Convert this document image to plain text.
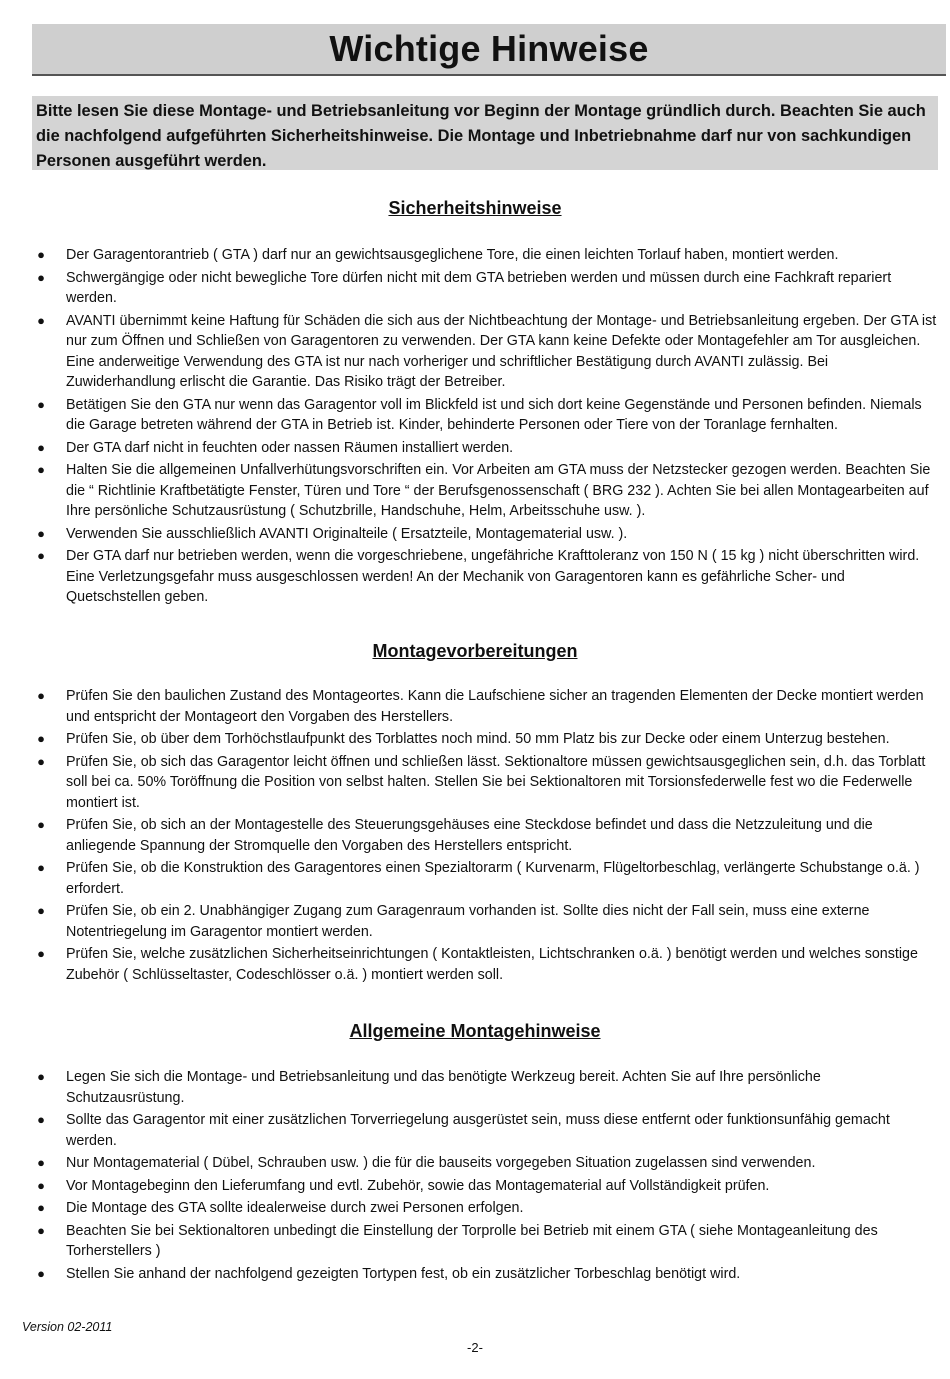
Wichtige Hinweise
Bitte lesen Sie diese Montage- und Betriebsanleitung vor Beginn der Montage gründlich durch. Beachten Sie auch die nachfolgend aufgeführten Sicherheitshinweise. Die Montage und Inbetriebnahme darf nur von sachkundigen Personen ausgeführt werden.
Sicherheitshinweise
● Der Garagentorantrieb ( GTA ) darf nur an gewichtsausgeglichene Tore, die einen leichten Torlauf haben, montiert werden.
● Schwergängige oder nicht bewegliche Tore dürfen nicht mit dem GTA betrieben werden und müssen durch eine Fachkraft repariert werden.
● AVANTI übernimmt keine Haftung für Schäden die sich aus der Nichtbeachtung der Montage- und Betriebsanleitung ergeben. Der GTA ist nur zum Öffnen und Schließen von Garagentoren zu verwenden. Der GTA kann keine Defekte oder Montagefehler am Tor ausgleichen. Eine anderweitige Verwendung des GTA ist nur nach vorheriger und schriftlicher Bestätigung durch AVANTI zulässig. Bei Zuwiderhandlung erlischt die Garantie. Das Risiko trägt der Betreiber.
● Betätigen Sie den GTA nur wenn das Garagentor voll im Blickfeld ist und sich dort keine Gegenstände und Personen befinden. Niemals die Garage betreten während der GTA in Betrieb ist. Kinder, behinderte Personen oder Tiere von der Toranlage fernhalten.
● Der GTA darf nicht in feuchten oder nassen Räumen installiert werden.
● Halten Sie die allgemeinen Unfallverhütungsvorschriften ein. Vor Arbeiten am GTA muss der Netzstecker gezogen werden. Beachten Sie die “ Richtlinie Kraftbetätigte Fenster, Türen und Tore “ der Berufsgenossenschaft ( BRG 232 ). Achten Sie bei allen Montagearbeiten auf Ihre persönliche Schutzausrüstung ( Schutzbrille, Handschuhe, Helm, Arbeitsschuhe usw. ).
● Verwenden Sie ausschließlich AVANTI Originalteile ( Ersatzteile, Montagematerial usw. ).
● Der GTA darf nur betrieben werden, wenn die vorgeschriebene, ungefähriche Krafttoleranz von 150 N ( 15 kg ) nicht überschritten wird. Eine Verletzungsgefahr muss ausgeschlossen werden! An der Mechanik von Garagentoren kann es gefährliche Scher- und Quetschstellen geben.
Montagevorbereitungen
● Prüfen Sie den baulichen Zustand des Montageortes. Kann die Laufschiene sicher an tragenden Elementen der Decke montiert werden und entspricht der Montageort den Vorgaben des Herstellers.
● Prüfen Sie, ob über dem Torhöchstlaufpunkt des Torblattes noch mind. 50 mm Platz bis zur Decke oder einem Unterzug bestehen.
● Prüfen Sie, ob sich das Garagentor leicht öffnen und schließen lässt. Sektionaltore müssen gewichtsausgeglichen sein, d.h. das Torblatt soll bei ca. 50% Toröffnung die Position von selbst halten. Stellen Sie bei Sektionaltoren mit Torsionsfederwelle fest wo die Federwelle montiert ist.
● Prüfen Sie, ob sich an der Montagestelle des Steuerungsgehäuses eine Steckdose befindet und dass die Netzzuleitung und die anliegende Spannung der Stromquelle den Vorgaben des Herstellers entspricht.
● Prüfen Sie, ob die Konstruktion des Garagentores einen Spezialtorarm ( Kurvenarm, Flügeltorbeschlag, verlängerte Schubstange o.ä. ) erfordert.
● Prüfen Sie, ob ein 2. Unabhängiger Zugang zum Garagenraum vorhanden ist. Sollte dies nicht der Fall sein, muss eine externe Notentriegelung im Garagentor montiert werden.
● Prüfen Sie, welche zusätzlichen Sicherheitseinrichtungen ( Kontaktleisten, Lichtschranken o.ä. ) benötigt werden und welches sonstige Zubehör ( Schlüsseltaster, Codeschlösser o.ä. ) montiert werden soll.
Allgemeine Montagehinweise
● Legen Sie sich die Montage- und Betriebsanleitung und das benötigte Werkzeug bereit. Achten Sie auf Ihre persönliche Schutzausrüstung.
● Sollte das Garagentor mit einer zusätzlichen Torverriegelung ausgerüstet sein, muss diese entfernt oder funktionsunfähig gemacht werden.
● Nur Montagematerial ( Dübel, Schrauben usw. ) die für die bauseits vorgegeben Situation zugelassen sind verwenden.
● Vor Montagebeginn den Lieferumfang und evtl. Zubehör, sowie das Montagematerial auf Vollständigkeit prüfen.
● Die Montage des GTA sollte idealerweise durch zwei Personen erfolgen.
● Beachten Sie bei Sektionaltoren unbedingt die Einstellung der Torprolle bei Betrieb mit einem GTA ( siehe Montageanleitung des Torherstellers )
● Stellen Sie anhand der nachfolgend gezeigten Tortypen fest, ob ein zusätzlicher Torbeschlag benötigt wird.
Version 02-2011
-2-
